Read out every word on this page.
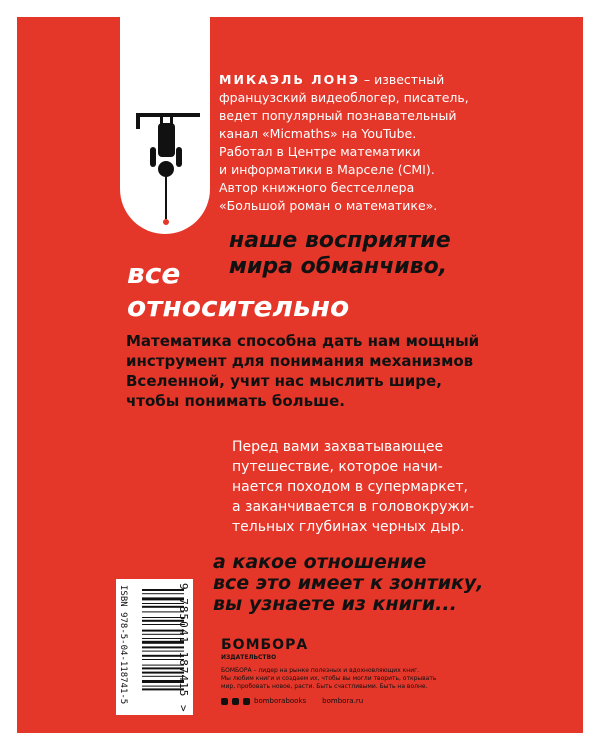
МИКАЭЛЬ ЛОНЭ – известный
французский видеоблогер, писатель,
ведет популярный познавательный
канал «Micmaths» на YouTube.
Работал в Центре математики
и информатики в Марселе (CMI).
Автор книжного бестселлера
«Большой роман о математике».
наше восприятие
мира обманчиво,
все
относительно
Математика способна дать нам мощный
инструмент для понимания механизмов
Вселенной, учит нас мыслить шире,
чтобы понимать больше.
Перед вами захватывающее
путешествие, которое начи-
нается походом в супермаркет,
а заканчивается в головокружи-
тельных глубинах черных дыр.
а какое отношение
все это имеет к зонтику,
вы узнаете из книги...
ISBN 978-5-04-118741-5	9 785041 187415 > БОМБОРА
ИЗДАТЕЛЬСТВО
БОМБОРА – лидер на рынке полезных и вдохновляющих книг.
Мы любим книги и создаем их, чтобы вы могли творить, открывать
мир, пробовать новое, расти. Быть счастливыми. Быть на волне.
bomborabooks bombora.ru
